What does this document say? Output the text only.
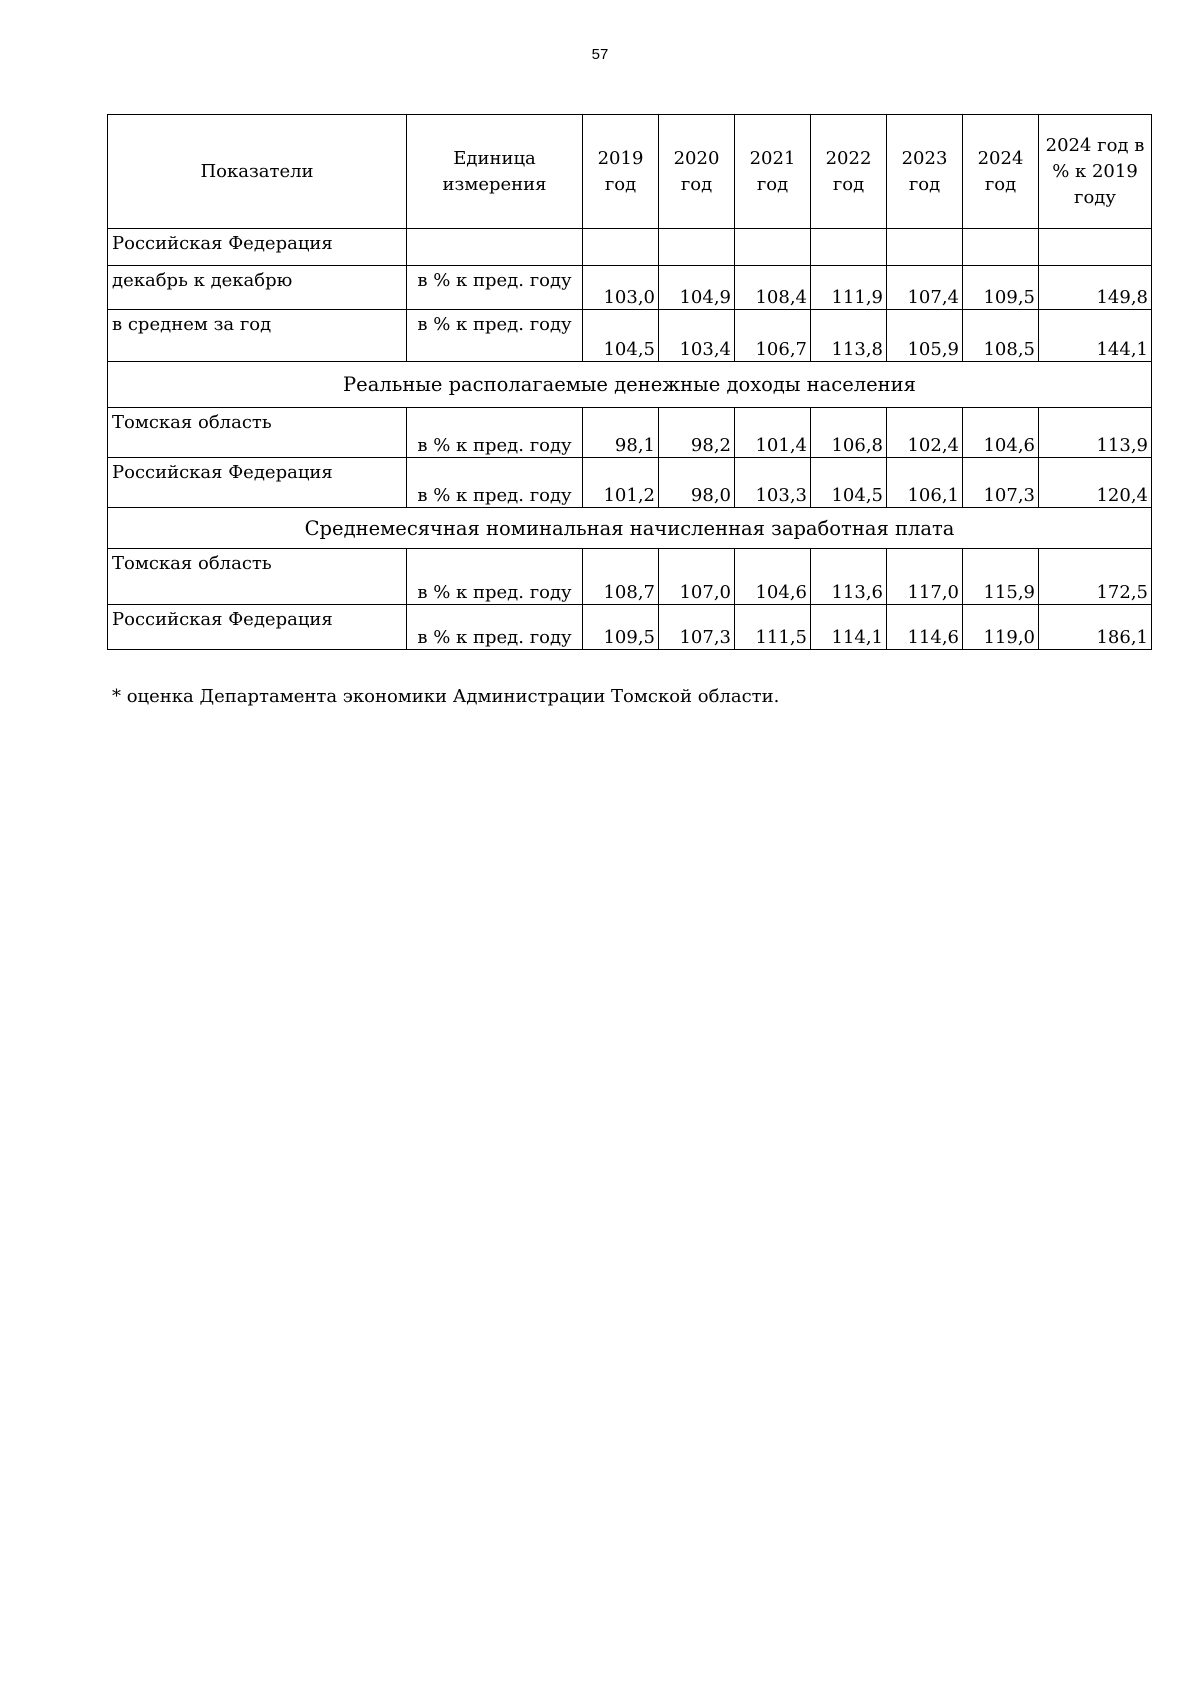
57
Показатели	Единица измерения	2019 год	2020 год	2021 год	2022 год	2023 год	2024 год	2024 год в % к 2019 году
Российская Федерация								
декабрь к декабрю	в % к пред. году	103,0	104,9	108,4	111,9	107,4	109,5	149,8
в среднем за год	в % к пред. году	104,5	103,4	106,7	113,8	105,9	108,5	144,1
Реальные располагаемые денежные доходы населения								
Томская область	в % к пред. году	98,1	98,2	101,4	106,8	102,4	104,6	113,9
Российская Федерация	в % к пред. году	101,2	98,0	103,3	104,5	106,1	107,3	120,4
Среднемесячная номинальная начисленная заработная плата								
Томская область	в % к пред. году	108,7	107,0	104,6	113,6	117,0	115,9	172,5
Российская Федерация	в % к пред. году	109,5	107,3	111,5	114,1	114,6	119,0	186,1
* оценка Департамента экономики Администрации Томской области.
